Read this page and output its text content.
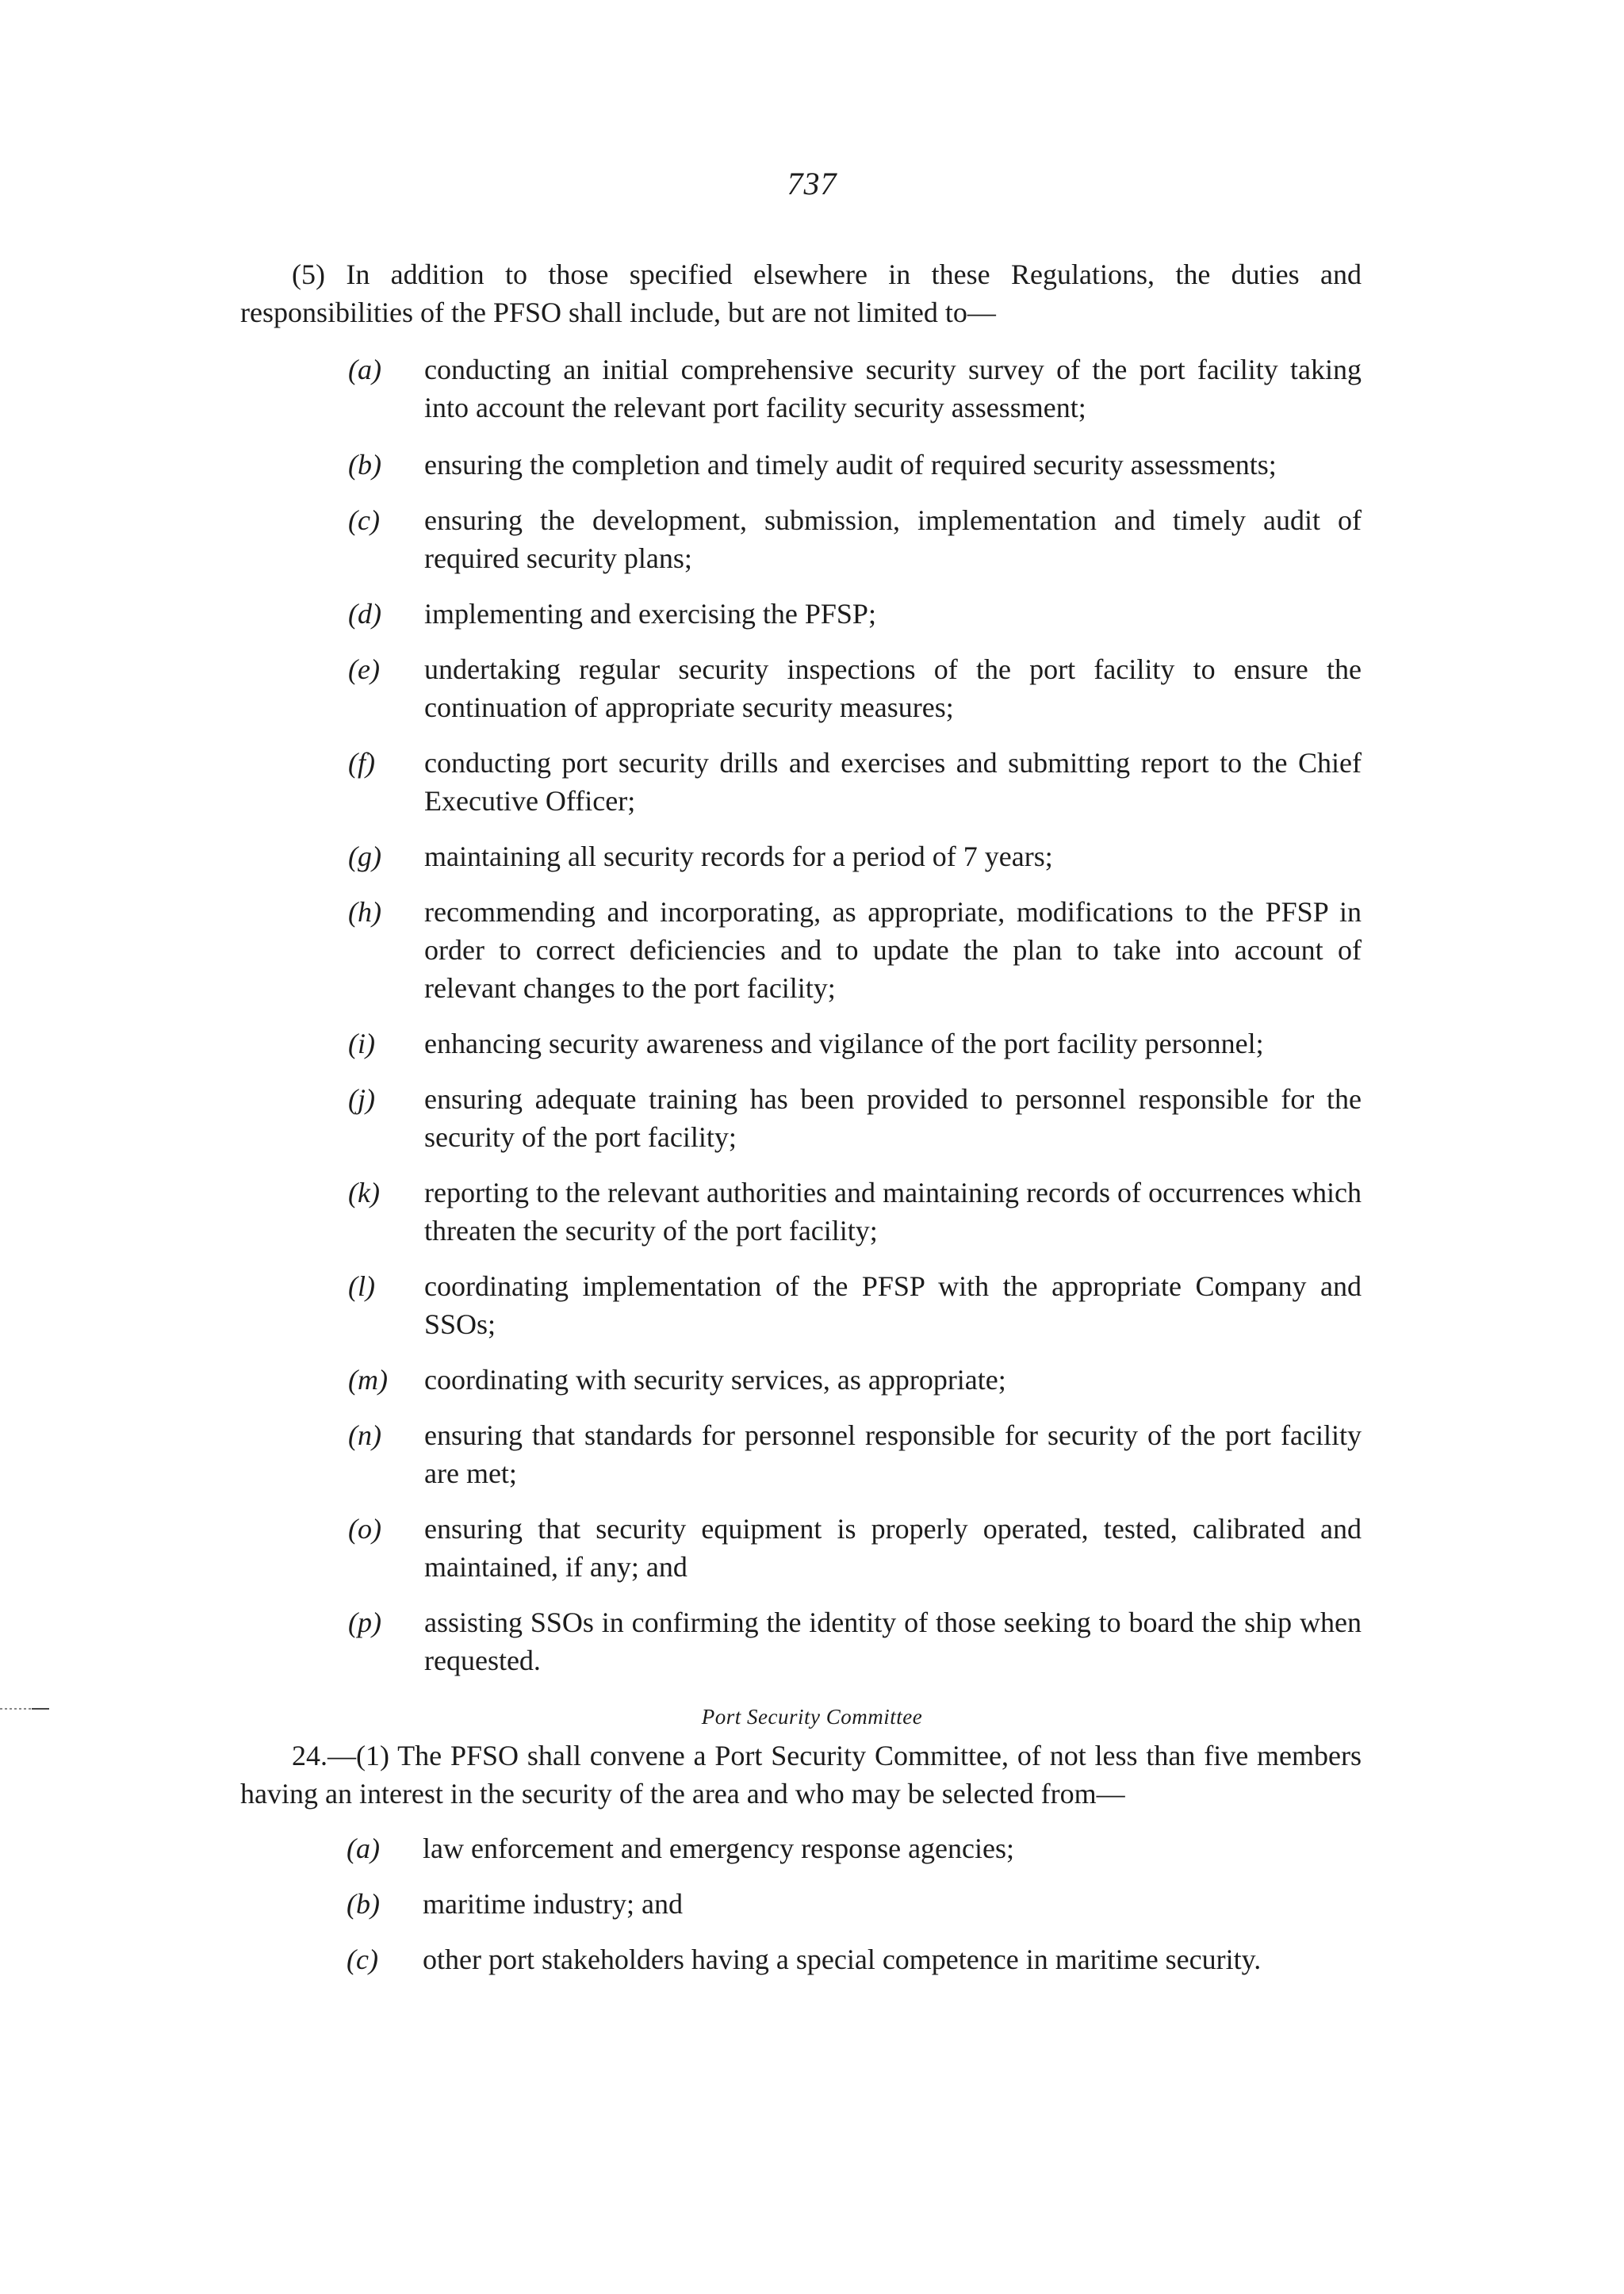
737

(5) In addition to those specified elsewhere in these Regulations, the duties and responsibilities of the PFSO shall include, but are not limited to—

(a) conducting an initial comprehensive security survey of the port facility taking into account the relevant port facility security assessment;
(b) ensuring the completion and timely audit of required security assessments;
(c) ensuring the development, submission, implementation and timely audit of required security plans;
(d) implementing and exercising the PFSP;
(e) undertaking regular security inspections of the port facility to ensure the continuation of appropriate security measures;
(f) conducting port security drills and exercises and submitting report to the Chief Executive Officer;
(g) maintaining all security records for a period of 7 years;
(h) recommending and incorporating, as appropriate, modifications to the PFSP in order to correct deficiencies and to update the plan to take into account of relevant changes to the port facility;
(i) enhancing security awareness and vigilance of the port facility personnel;
(j) ensuring adequate training has been provided to personnel responsible for the security of the port facility;
(k) reporting to the relevant authorities and maintaining records of occurrences which threaten the security of the port facility;
(l) coordinating implementation of the PFSP with the appropriate Company and SSOs;
(m) coordinating with security services, as appropriate;
(n) ensuring that standards for personnel responsible for security of the port facility are met;
(o) ensuring that security equipment is properly operated, tested, calibrated and maintained, if any; and
(p) assisting SSOs in confirming the identity of those seeking to board the ship when requested.
Port Security Committee

24.—(1) The PFSO shall convene a Port Security Committee, of not less than five members having an interest in the security of the area and who may be selected from—

(a) law enforcement and emergency response agencies;
(b) maritime industry; and
(c) other port stakeholders having a special competence in maritime security.
